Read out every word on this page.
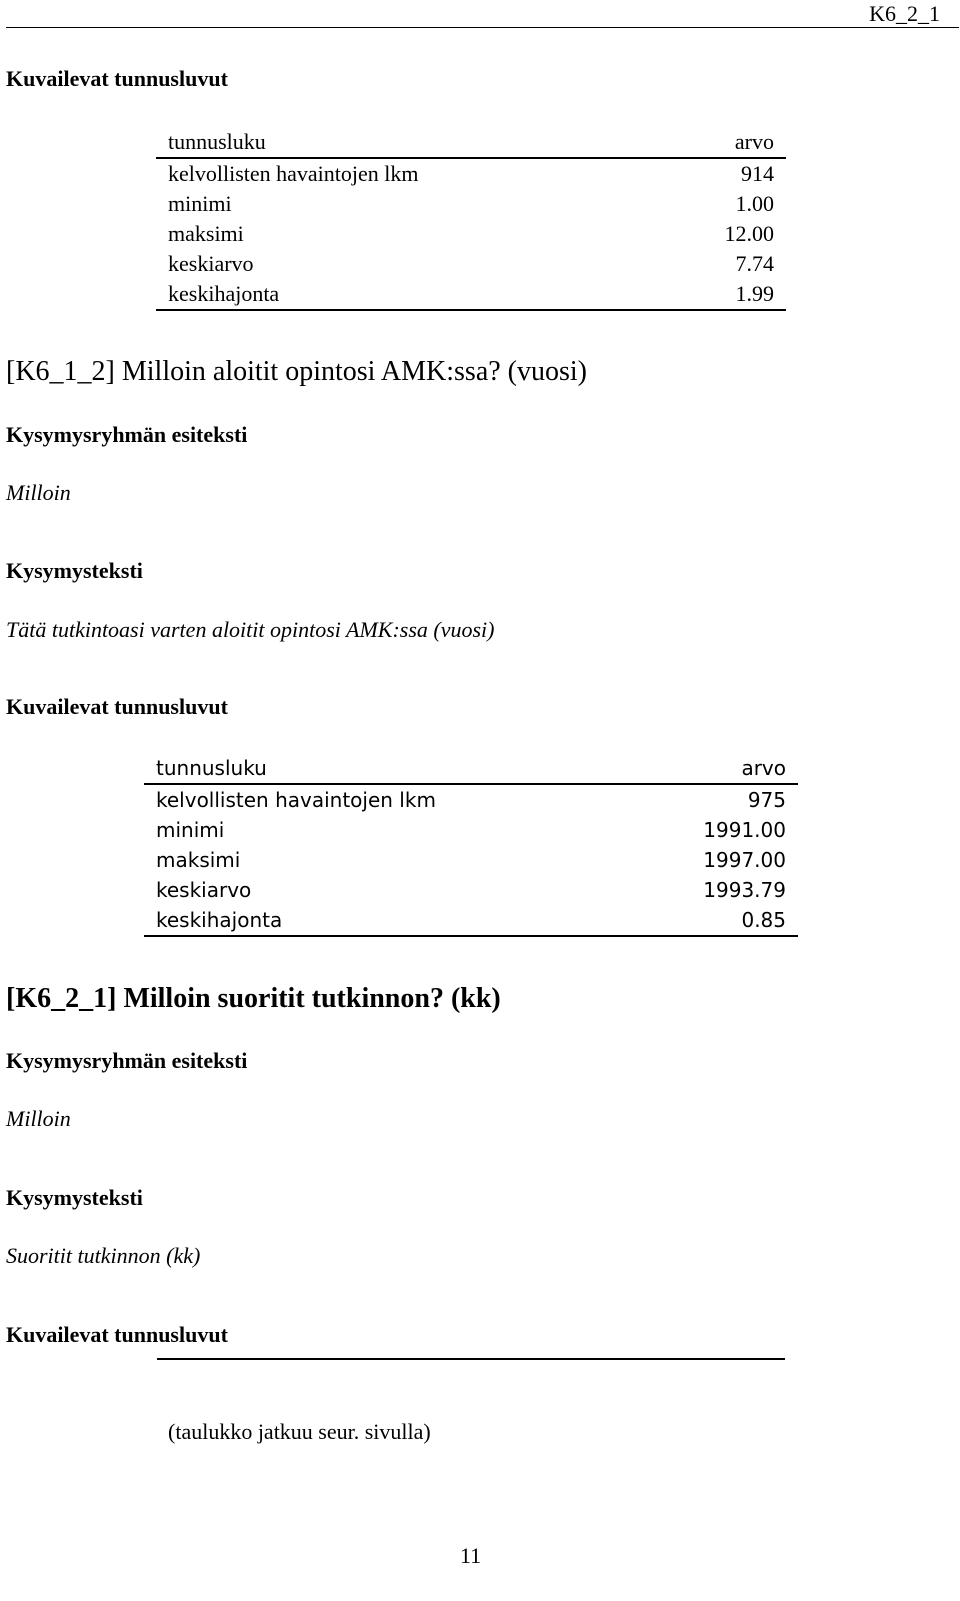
K6_2_1
Kuvailevat tunnusluvut
tunnusluku	arvo
kelvollisten havaintojen lkm	914
minimi	1.00
maksimi	12.00
keskiarvo	7.74
keskihajonta	1.99
[K6_1_2] Milloin aloitit opintosi AMK:ssa? (vuosi)
Kysymysryhmän esiteksti
Milloin
Kysymysteksti
Tätä tutkintoasi varten aloitit opintosi AMK:ssa (vuosi)
Kuvailevat tunnusluvut
tunnusluku	arvo
kelvollisten havaintojen lkm	975
minimi	1991.00
maksimi	1997.00
keskiarvo	1993.79
keskihajonta	0.85
[K6_2_1] Milloin suoritit tutkinnon? (kk)
Kysymysryhmän esiteksti
Milloin
Kysymysteksti
Suoritit tutkinnon (kk)
Kuvailevat tunnusluvut
(taulukko jatkuu seur. sivulla)
11
